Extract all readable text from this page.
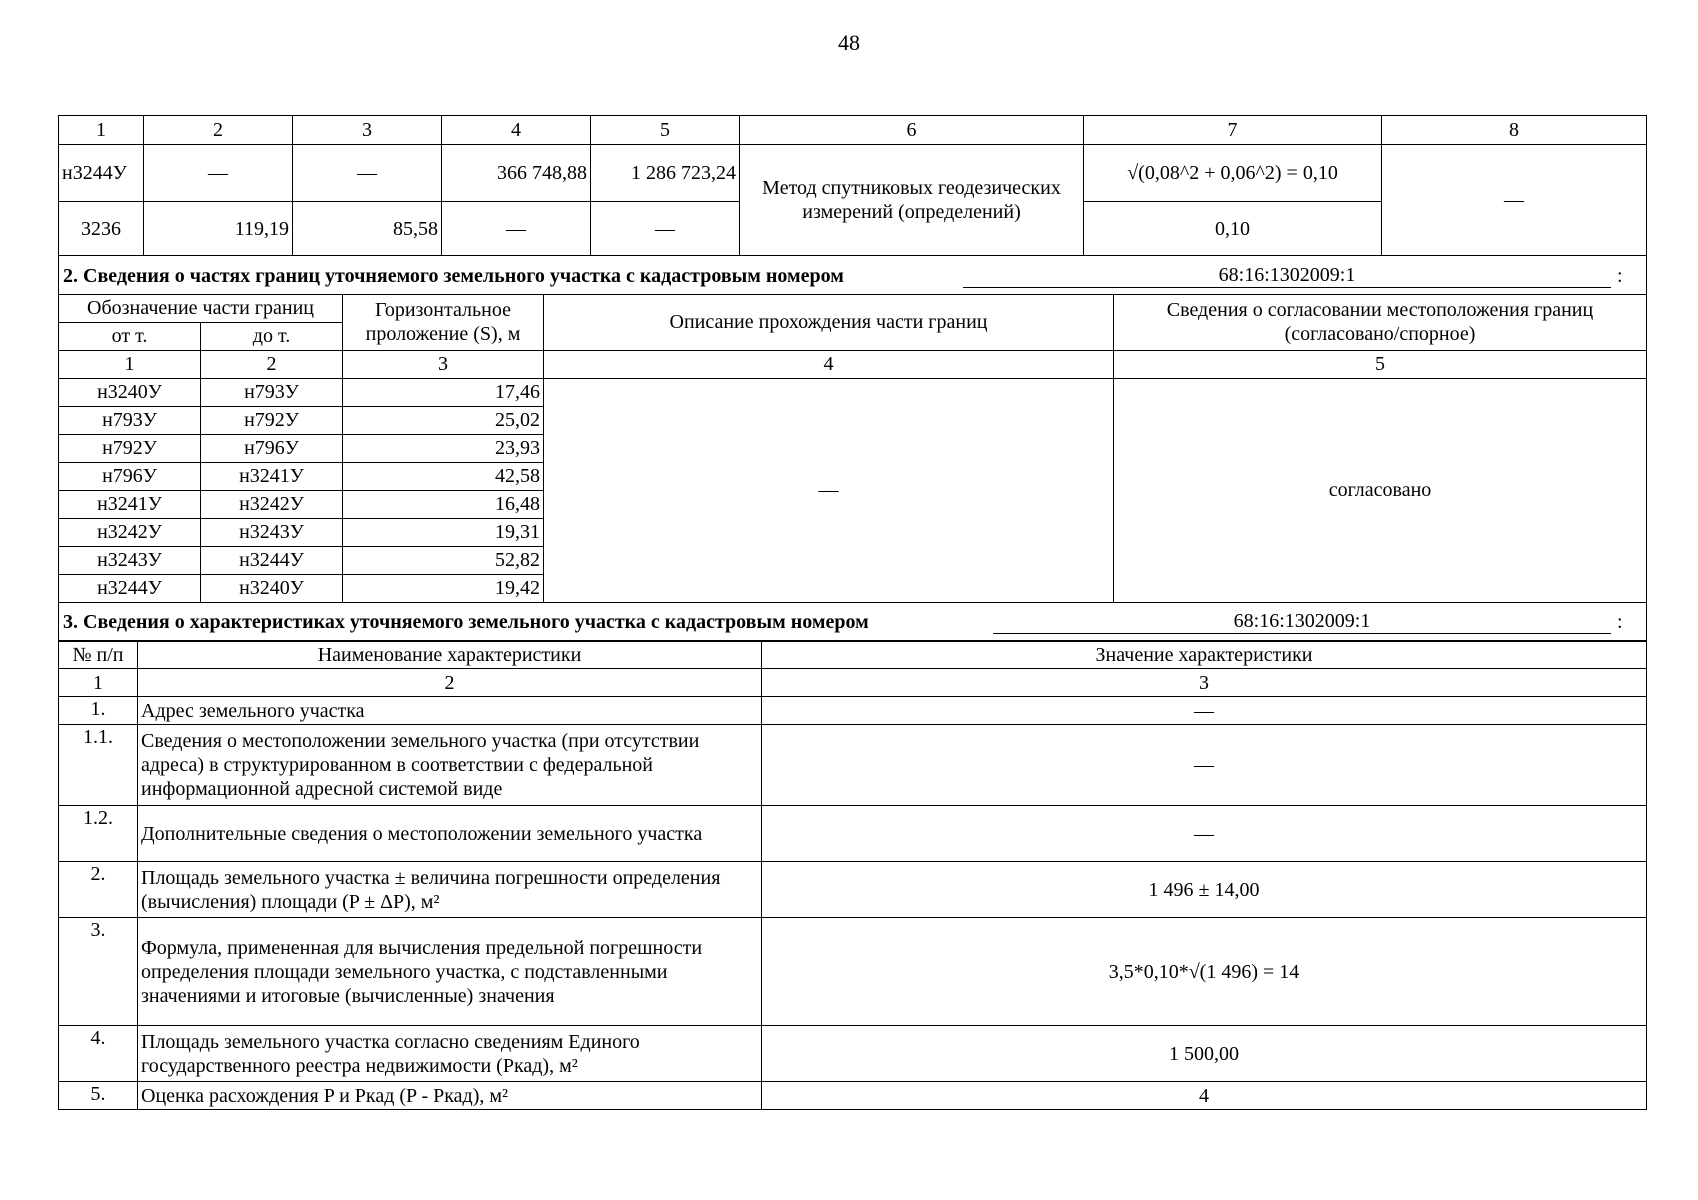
48
1	2	3	4	5	6	7	8
н3244У	—	—	366 748,88	1 286 723,24	Метод спутниковых геодезических измерений (определений)	√(0,08^2 + 0,06^2) = 0,10	—
3236	119,19	85,58	—	—		0,10	

2. Сведения о частях границ уточняемого земельного участка с кадастровым номером 68:16:1302009:1 :							
Обозначение части границ		Горизонтальное проложение (S), м	Описание прохождения части границ	Сведения о согласовании местоположения границ (согласовано/спорное)
от т.	до т.			
1	2	3	4	5
н3240У	н793У	17,46	—	согласовано
н793У	н792У	25,02		
н792У	н796У	23,93		
н796У	н3241У	42,58		
н3241У	н3242У	16,48		
н3242У	н3243У	19,31		
н3243У	н3244У	52,82		
н3244У	н3240У	19,42		

3. Сведения о характеристиках уточняемого земельного участка с кадастровым номером 68:16:1302009:1 :				
№ п/п	Наименование характеристики	Значение характеристики
1	2	3
1.	Адрес земельного участка	—
1.1.	Сведения о местоположении земельного участка (при отсутствии адреса) в структурированном в соответствии с федеральной информационной адресной системой виде	—
1.2.	Дополнительные сведения о местоположении земельного участка	—
2.	Площадь земельного участка ± величина погрешности определения (вычисления) площади (P ± ΔP), м²	1 496 ± 14,00
3.	Формула, примененная для вычисления предельной погрешности определения площади земельного участка, с подставленными значениями и итоговые (вычисленные) значения	3,5*0,10*√(1 496) = 14
4.	Площадь земельного участка согласно сведениям Единого государственного реестра недвижимости (Ркад), м²	1 500,00
5.	Оценка расхождения P и Ркад (P - Ркад), м²	4
